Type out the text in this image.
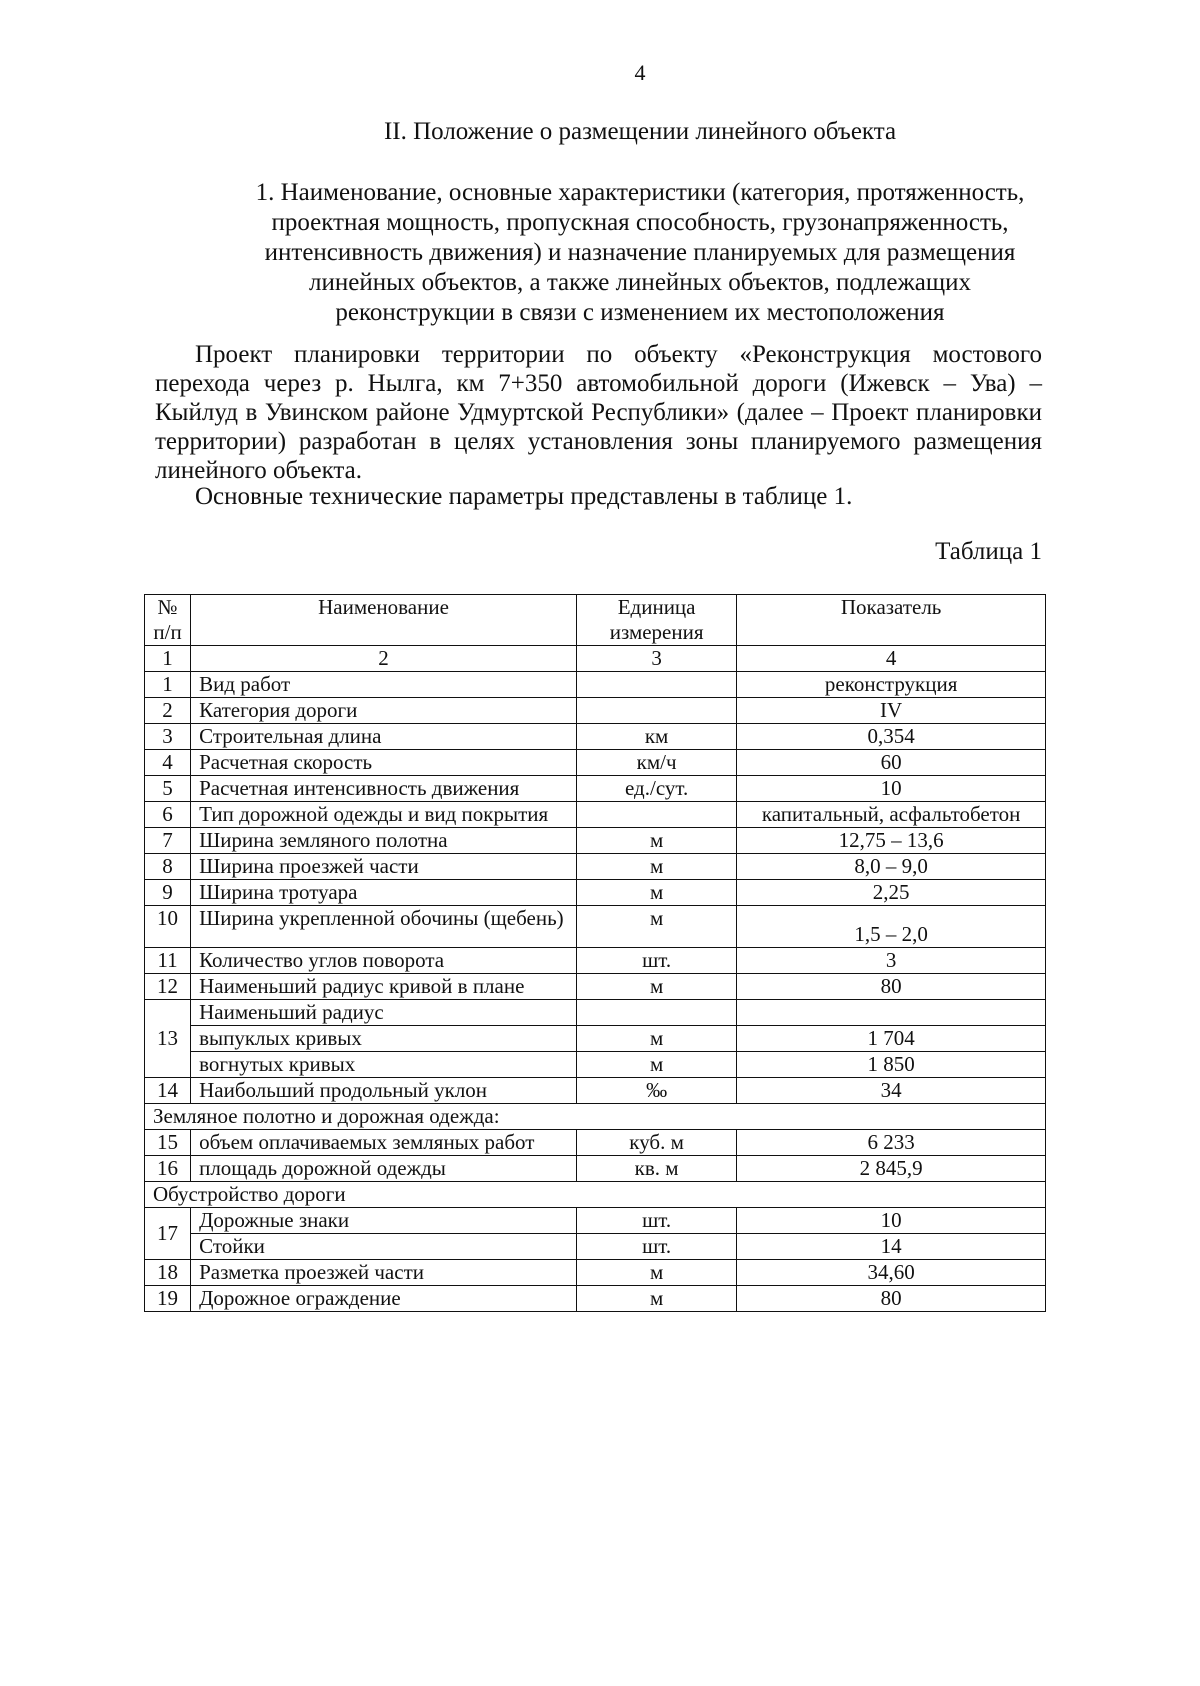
4
II. Положение о размещении линейного объекта
1. Наименование, основные характеристики (категория, протяженность,
проектная мощность, пропускная способность, грузонапряженность,
интенсивность движения) и назначение планируемых для размещения
линейных объектов, а также линейных объектов, подлежащих
реконструкции в связи с изменением их местоположения
Проект планировки территории по объекту «Реконструкция мостового перехода через р. Нылга, км 7+350 автомобильной дороги (Ижевск – Ува) – Кыйлуд в Увинском районе Удмуртской Республики» (далее – Проект планировки территории) разработан в целях установления зоны планируемого размещения линейного объекта.
Основные технические параметры представлены в таблице 1.
Таблица 1
№ п/п	Наименование	Единица измерения	Показатель
1	2	3	4
1	Вид работ		реконструкция
2	Категория дороги		IV
3	Строительная длина	км	0,354
4	Расчетная скорость	км/ч	60
5	Расчетная интенсивность движения	ед./сут.	10
6	Тип дорожной одежды и вид покрытия		капитальный, асфальтобетон
7	Ширина земляного полотна	м	12,75 – 13,6
8	Ширина проезжей части	м	8,0 – 9,0
9	Ширина тротуара	м	2,25
10	Ширина укрепленной обочины (щебень)	м	1,5 – 2,0
11	Количество углов поворота	шт.	3
12	Наименьший радиус кривой в плане	м	80
13	Наименьший радиус		
	выпуклых кривых	м	1 704
	вогнутых кривых	м	1 850
14	Наибольший продольный уклон	‰	34
Земляное полотно и дорожная одежда:			
15	объем оплачиваемых земляных работ	куб. м	6 233
16	площадь дорожной одежды	кв. м	2 845,9
Обустройство дороги			
17	Дорожные знаки	шт.	10
	Стойки	шт.	14
18	Разметка проезжей части	м	34,60
19	Дорожное ограждение	м	80
